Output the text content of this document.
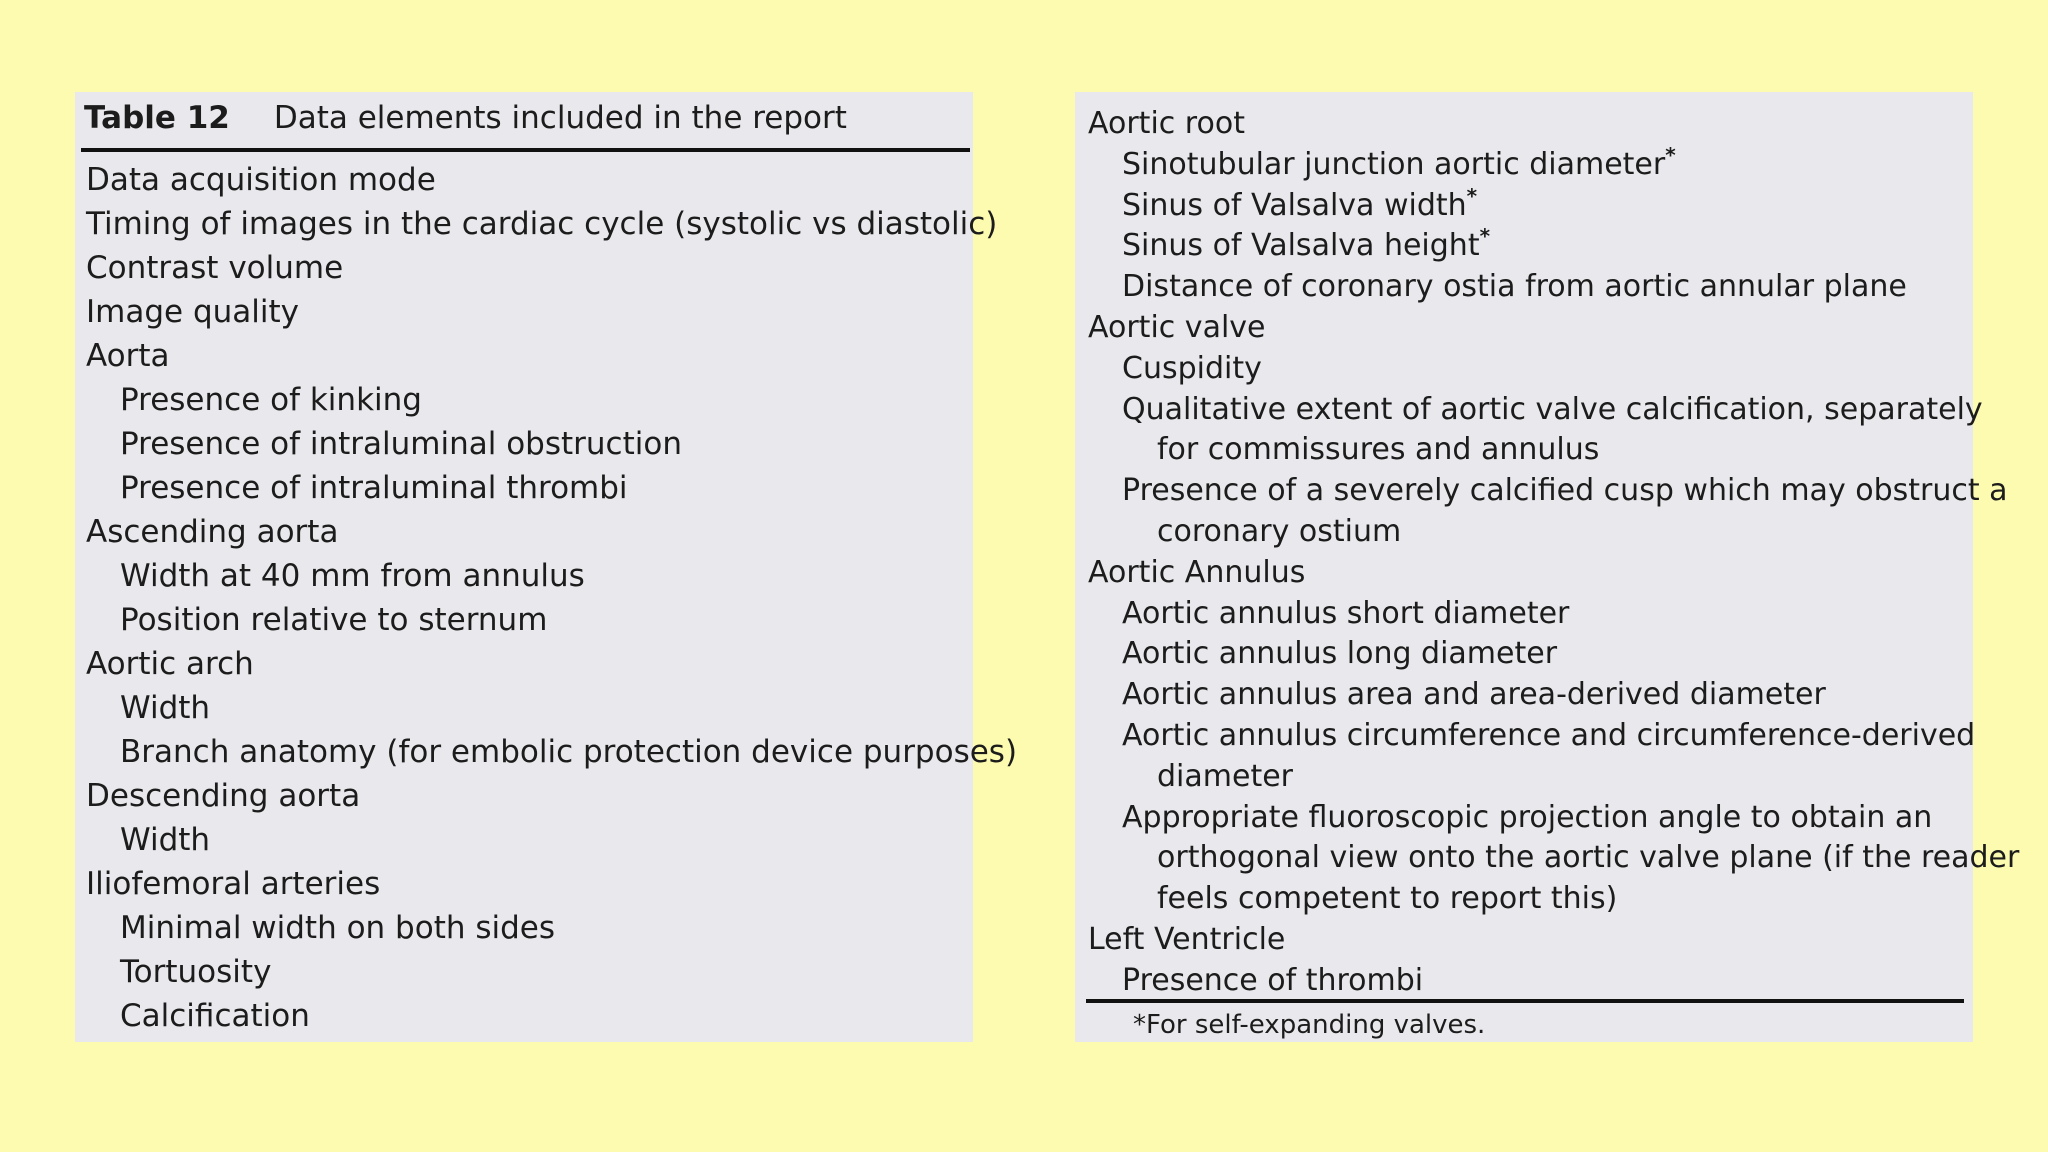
Table 12 Data elements included in the report
Data acquisition mode
Timing of images in the cardiac cycle (systolic vs diastolic)
Contrast volume
Image quality
Aorta
Presence of kinking
Presence of intraluminal obstruction
Presence of intraluminal thrombi
Ascending aorta
Width at 40 mm from annulus
Position relative to sternum
Aortic arch
Width
Branch anatomy (for embolic protection device purposes)
Descending aorta
Width
Iliofemoral arteries
Minimal width on both sides
Tortuosity
Calcification
Aortic root
Sinotubular junction aortic diameter*
Sinus of Valsalva width*
Sinus of Valsalva height*
Distance of coronary ostia from aortic annular plane
Aortic valve
Cuspidity
Qualitative extent of aortic valve calcification, separately
for commissures and annulus
Presence of a severely calcified cusp which may obstruct a
coronary ostium
Aortic Annulus
Aortic annulus short diameter
Aortic annulus long diameter
Aortic annulus area and area-derived diameter
Aortic annulus circumference and circumference-derived
diameter
Appropriate fluoroscopic projection angle to obtain an
orthogonal view onto the aortic valve plane (if the reader
feels competent to report this)
Left Ventricle
Presence of thrombi
*For self-expanding valves.
